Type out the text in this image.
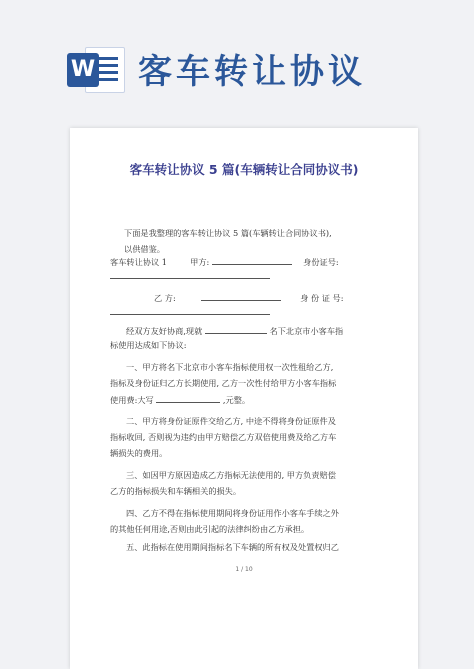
W 客车转让协议
客车转让协议 5 篇(车辆转让合同协议书)
下面是我整理的客车转让协议 5 篇(车辆转让合同协议书),
以供借鉴。
客车转让协议 1	甲方:	身份证号:
乙 方:	身 份 证 号:
经双方友好协商,现就	名下北京市小客车指
标使用达成如下协议:
一、甲方将名下北京市小客车指标使用权一次性租给乙方,
指标及身份证归乙方长期使用, 乙方一次性付给甲方小客车指标
使用费:大写	,元整。
二、甲方将身份证原件交给乙方, 中途不得将身份证原件及
指标收回, 否则视为违约由甲方赔偿乙方双倍使用费及给乙方车
辆损失的费用。
三、如因甲方原因造成乙方指标无法使用的, 甲方负责赔偿
乙方的指标损失和车辆相关的损失。
四、乙方不得在指标使用期间将身份证用作小客车手续之外
的其他任何用途,否则由此引起的法律纠纷由乙方承担。
五、此指标在使用期间指标名下车辆的所有权及处置权归乙
1 / 10
